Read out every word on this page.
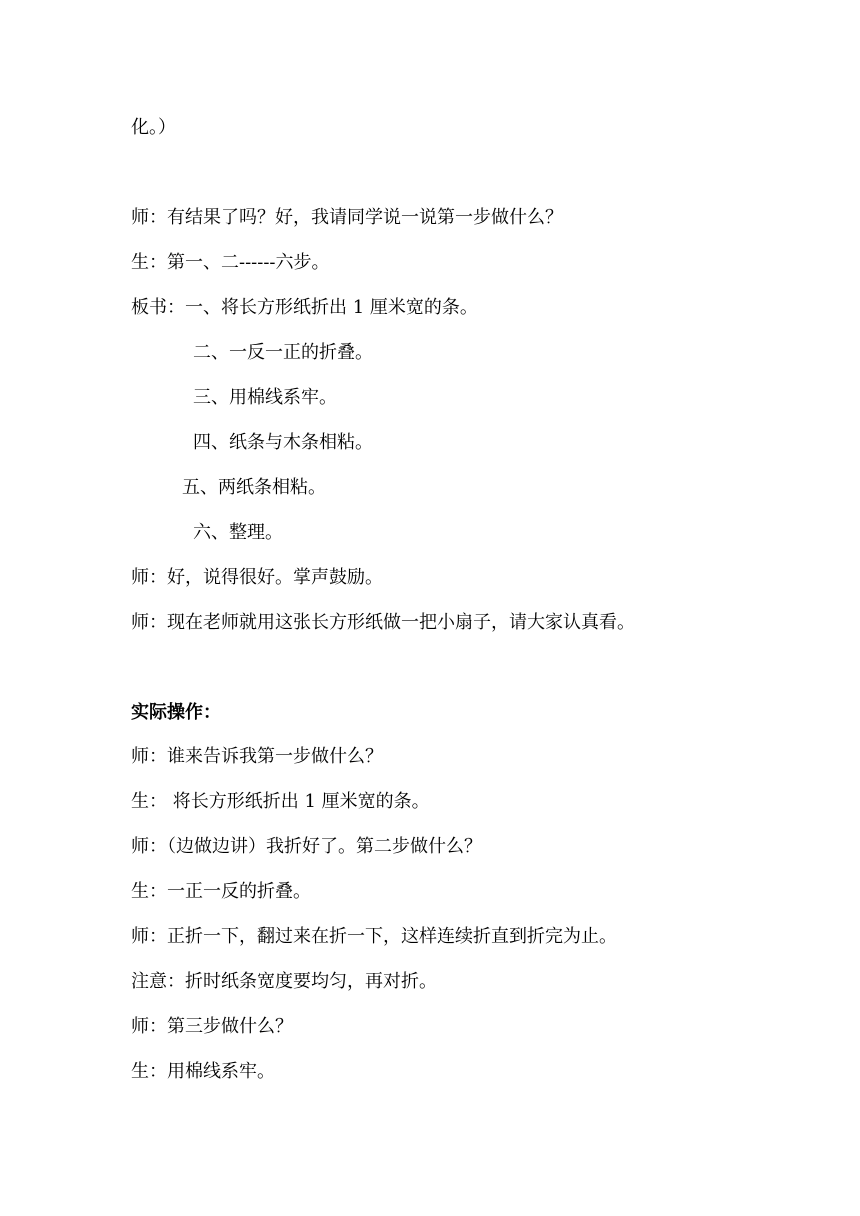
化。）
师：有结果了吗？好，我请同学说一说第一步做什么？
生：第一、二------六步。
板书：一、将长方形纸折出 1 厘米宽的条。
二、一反一正的折叠。
三、用棉线系牢。
四、纸条与木条相粘。
五、两纸条相粘。
六、整理。
师：好，说得很好。掌声鼓励。
师：现在老师就用这张长方形纸做一把小扇子，请大家认真看。
实际操作：
师：谁来告诉我第一步做什么？
生： 将长方形纸折出 1 厘米宽的条。
师：（边做边讲）我折好了。第二步做什么？
生：一正一反的折叠。
师：正折一下，翻过来在折一下，这样连续折直到折完为止。
注意：折时纸条宽度要均匀，再对折。
师：第三步做什么？
生：用棉线系牢。
